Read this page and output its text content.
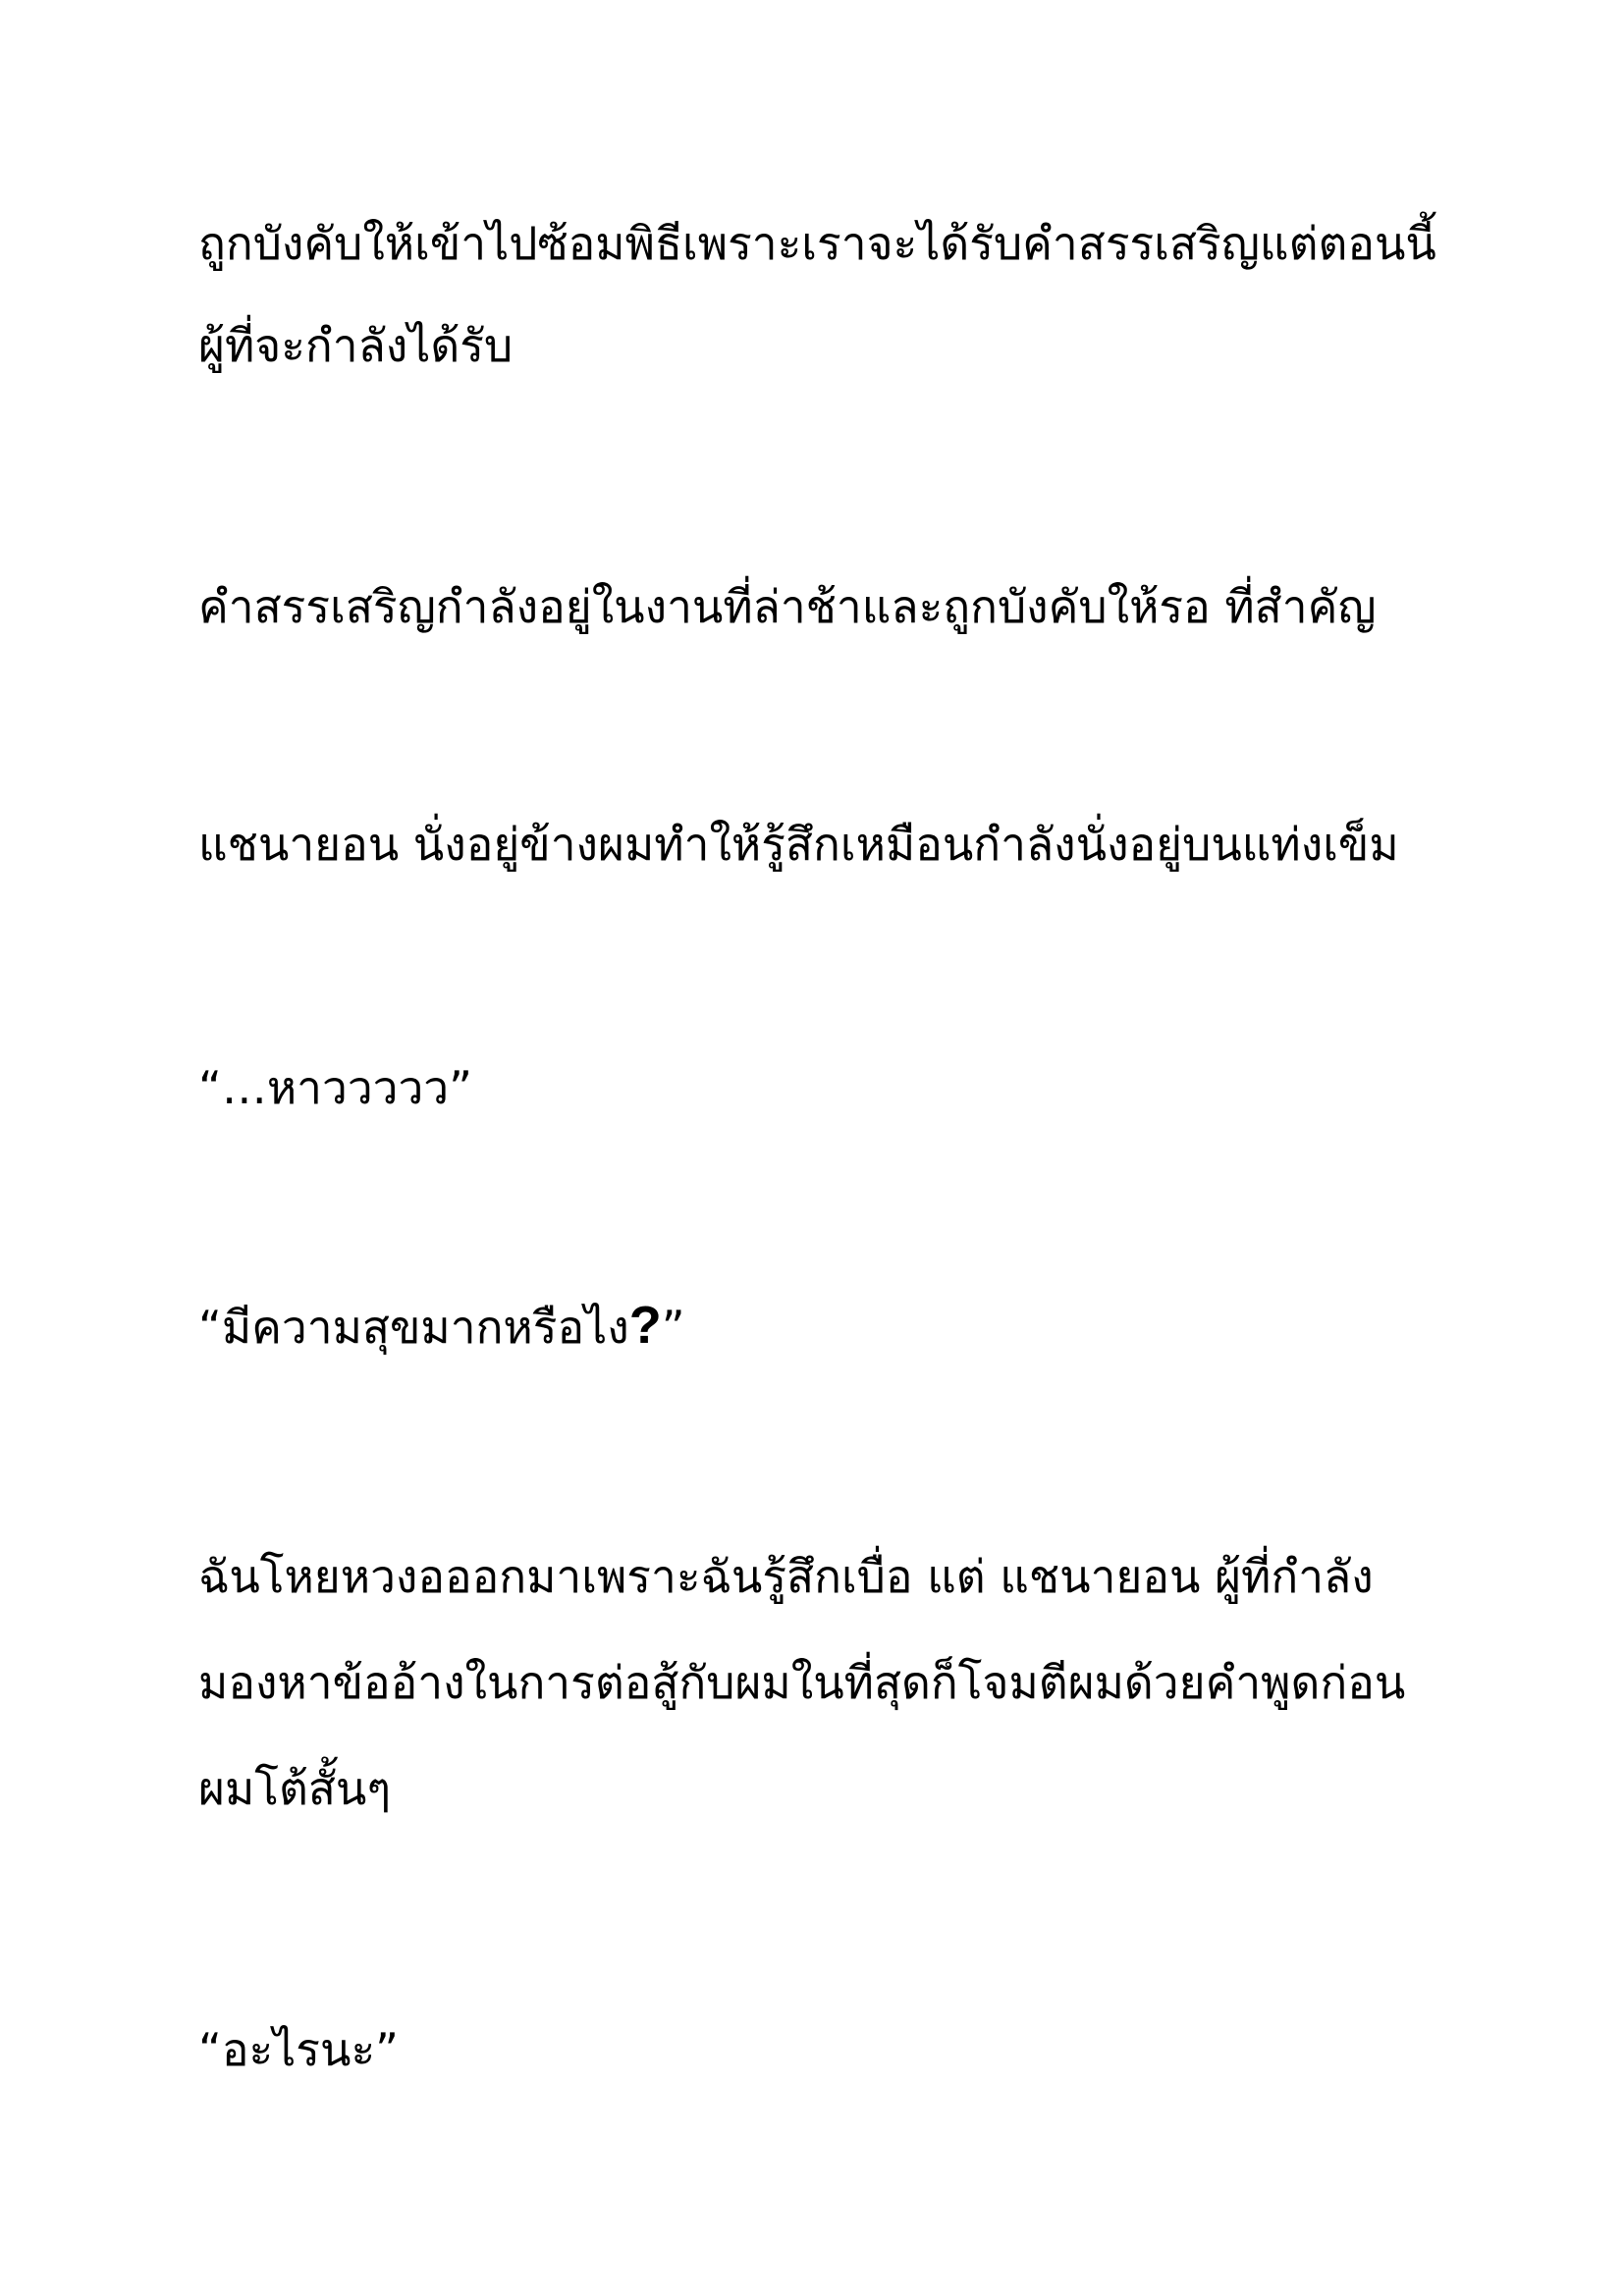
ถูกบังคับให้เข้าไปซ้อมพิธีเพราะเราจะได้รับคำสรรเสริญแต่ตอนนี้

ผู้ที่จะกำลังได้รับ

คำสรรเสริญกำลังอยู่ในงานที่ล่าช้าและถูกบังคับให้รอ ที่สำคัญ

แชนายอน นั่งอยู่ข้างผมทำให้รู้สึกเหมือนกำลังนั่งอยู่บนแท่งเข็ม

“…หาววววว”

“มีความสุขมากหรือไง?”

ฉันโหยหวงอออกมาเพราะฉันรู้สึกเบื่อ แต่ แชนายอน ผู้ที่กำลัง

มองหาข้ออ้างในการต่อสู้กับผมในที่สุดก็โจมตีผมด้วยคำพูดก่อน

ผมโต้สั้นๆ

“อะไรนะ”
